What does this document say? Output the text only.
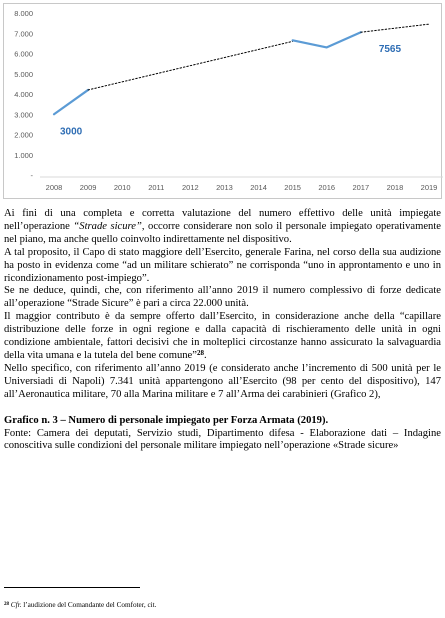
-
1.000
2.000
3.000
4.000
5.000
6.000
7.000
8.000
2008 2009 2010 2011 2012 2013 2014 2015 2016 2017 2018 2019
3000
7565

Ai fini di una completa e corretta valutazione del numero effettivo delle unità impiegate nell’operazione “Strade sicure”, occorre considerare non solo il personale impiegato operativamente nel piano, ma anche quello coinvolto indirettamente nel dispositivo.

A tal proposito, il Capo di stato maggiore dell’Esercito, generale Farina, nel corso della sua audizione ha posto in evidenza come “ad un militare schierato” ne corrisponda “uno in approntamento e uno in ricondizionamento post-impiego”.

Se ne deduce, quindi, che, con riferimento all’anno 2019 il numero complessivo di forze dedicate all’operazione “Strade Sicure” è pari a circa 22.000 unità.

Il maggior contributo è da sempre offerto dall’Esercito, in considerazione anche della “capillare distribuzione delle forze in ogni regione e dalla capacità di rischieramento delle unità in ogni condizione ambientale, fattori decisivi che in molteplici circostanze hanno assicurato la salvaguardia della vita umana e la tutela del bene comune”$^{28}$.

Nello specifico, con riferimento all’anno 2019 (e considerato anche l’incremento di 500 unità per le Universiadi di Napoli) 7.341 unità appartengono all’Esercito (98 per cento del dispositivo), 147 all’Aeronautica militare, 70 alla Marina militare e 7 all’Arma dei carabinieri (Grafico 2),

Grafico n. 3 – Numero di personale impiegato per Forza Armata (2019).

Fonte: Camera dei deputati, Servizio studi, Dipartimento difesa - Elaborazione dati – Indagine conoscitiva sulle condizioni del personale militare impiegato nell’operazione «Strade sicure»

$^{28}$ Cfr. l’audizione del Comandante del Comfoter, cit.
